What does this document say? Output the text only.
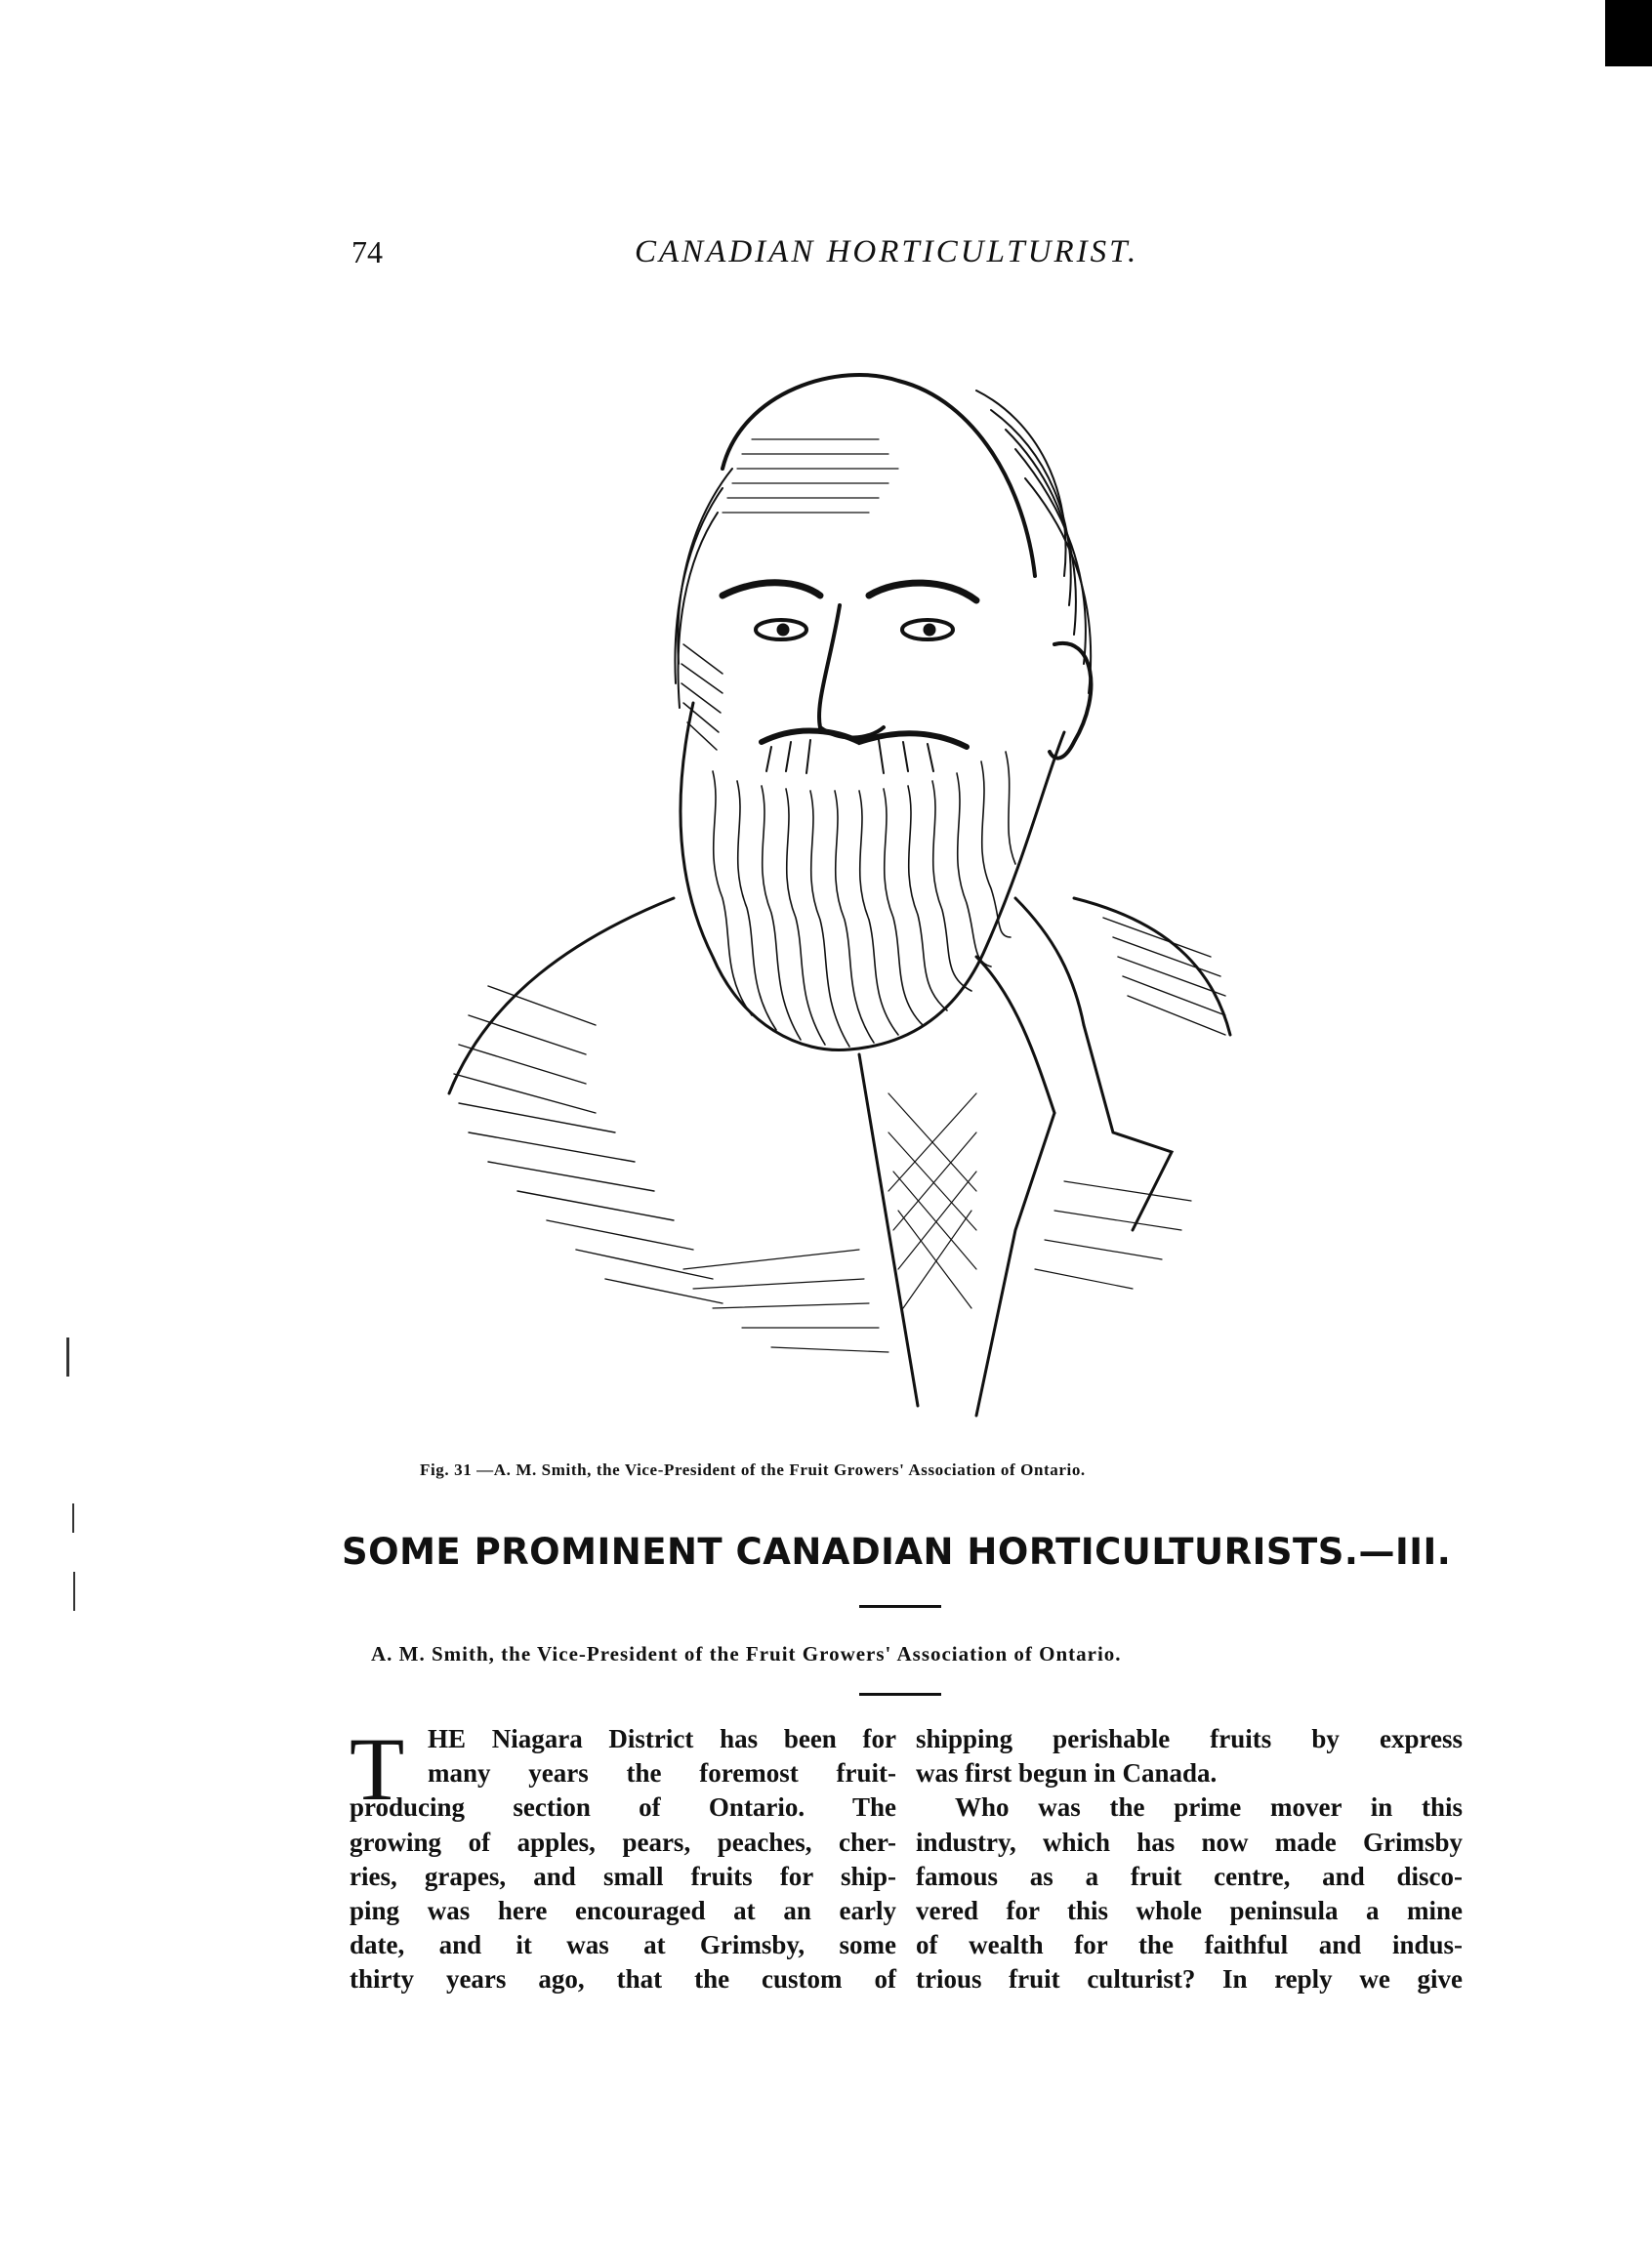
74	CANADIAN HORTICULTURIST.
Fig. 31 —A. M. Smith, the Vice-President of the Fruit Growers' Association of Ontario.
SOME PROMINENT CANADIAN HORTICULTURISTS.—III.
A. M. Smith, the Vice-President of the Fruit Growers' Association of Ontario.
T HE Niagara District has been for
many years the foremost fruit-
producing section of Ontario. The
growing of apples, pears, peaches, cher-
ries, grapes, and small fruits for ship-
ping was here encouraged at an early
date, and it was at Grimsby, some
thirty years ago, that the custom of
shipping perishable fruits by express
was first begun in Canada.
Who was the prime mover in this
industry, which has now made Grimsby
famous as a fruit centre, and disco-
vered for this whole peninsula a mine
of wealth for the faithful and indus-
trious fruit culturist? In reply we give
